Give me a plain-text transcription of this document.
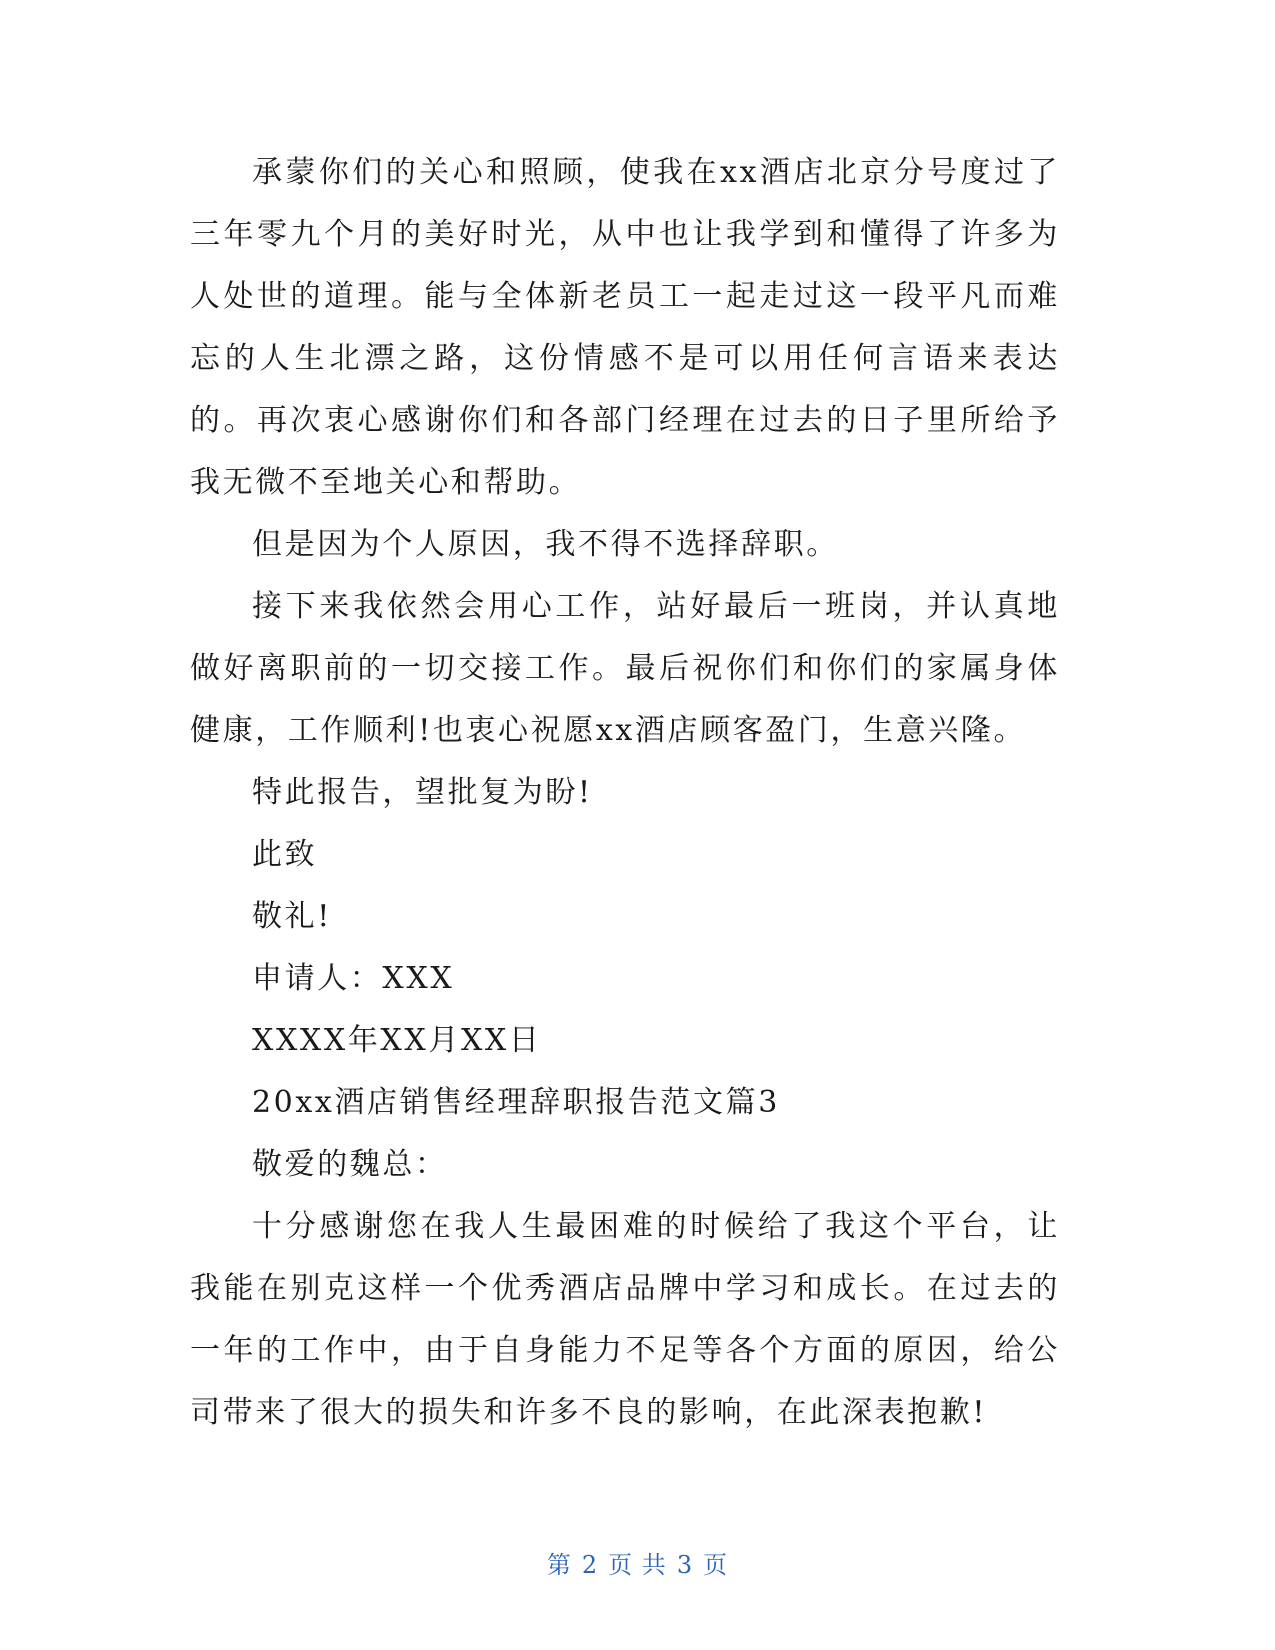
承蒙你们的关心和照顾，使我在xx酒店北京分号度过了三年零九个月的美好时光，从中也让我学到和懂得了许多为人处世的道理。能与全体新老员工一起走过这一段平凡而难忘的人生北漂之路，这份情感不是可以用任何言语来表达的。再次衷心感谢你们和各部门经理在过去的日子里所给予我无微不至地关心和帮助。

但是因为个人原因，我不得不选择辞职。

接下来我依然会用心工作，站好最后一班岗，并认真地做好离职前的一切交接工作。最后祝你们和你们的家属身体健康，工作顺利!也衷心祝愿xx酒店顾客盈门，生意兴隆。

特此报告，望批复为盼!

此致

敬礼!

申请人：XXX

XXXX年XX月XX日

20xx酒店销售经理辞职报告范文篇3

敬爱的魏总：

十分感谢您在我人生最困难的时候给了我这个平台，让我能在别克这样一个优秀酒店品牌中学习和成长。在过去的一年的工作中，由于自身能力不足等各个方面的原因，给公司带来了很大的损失和许多不良的影响，在此深表抱歉!

第 2 页 共 3 页
